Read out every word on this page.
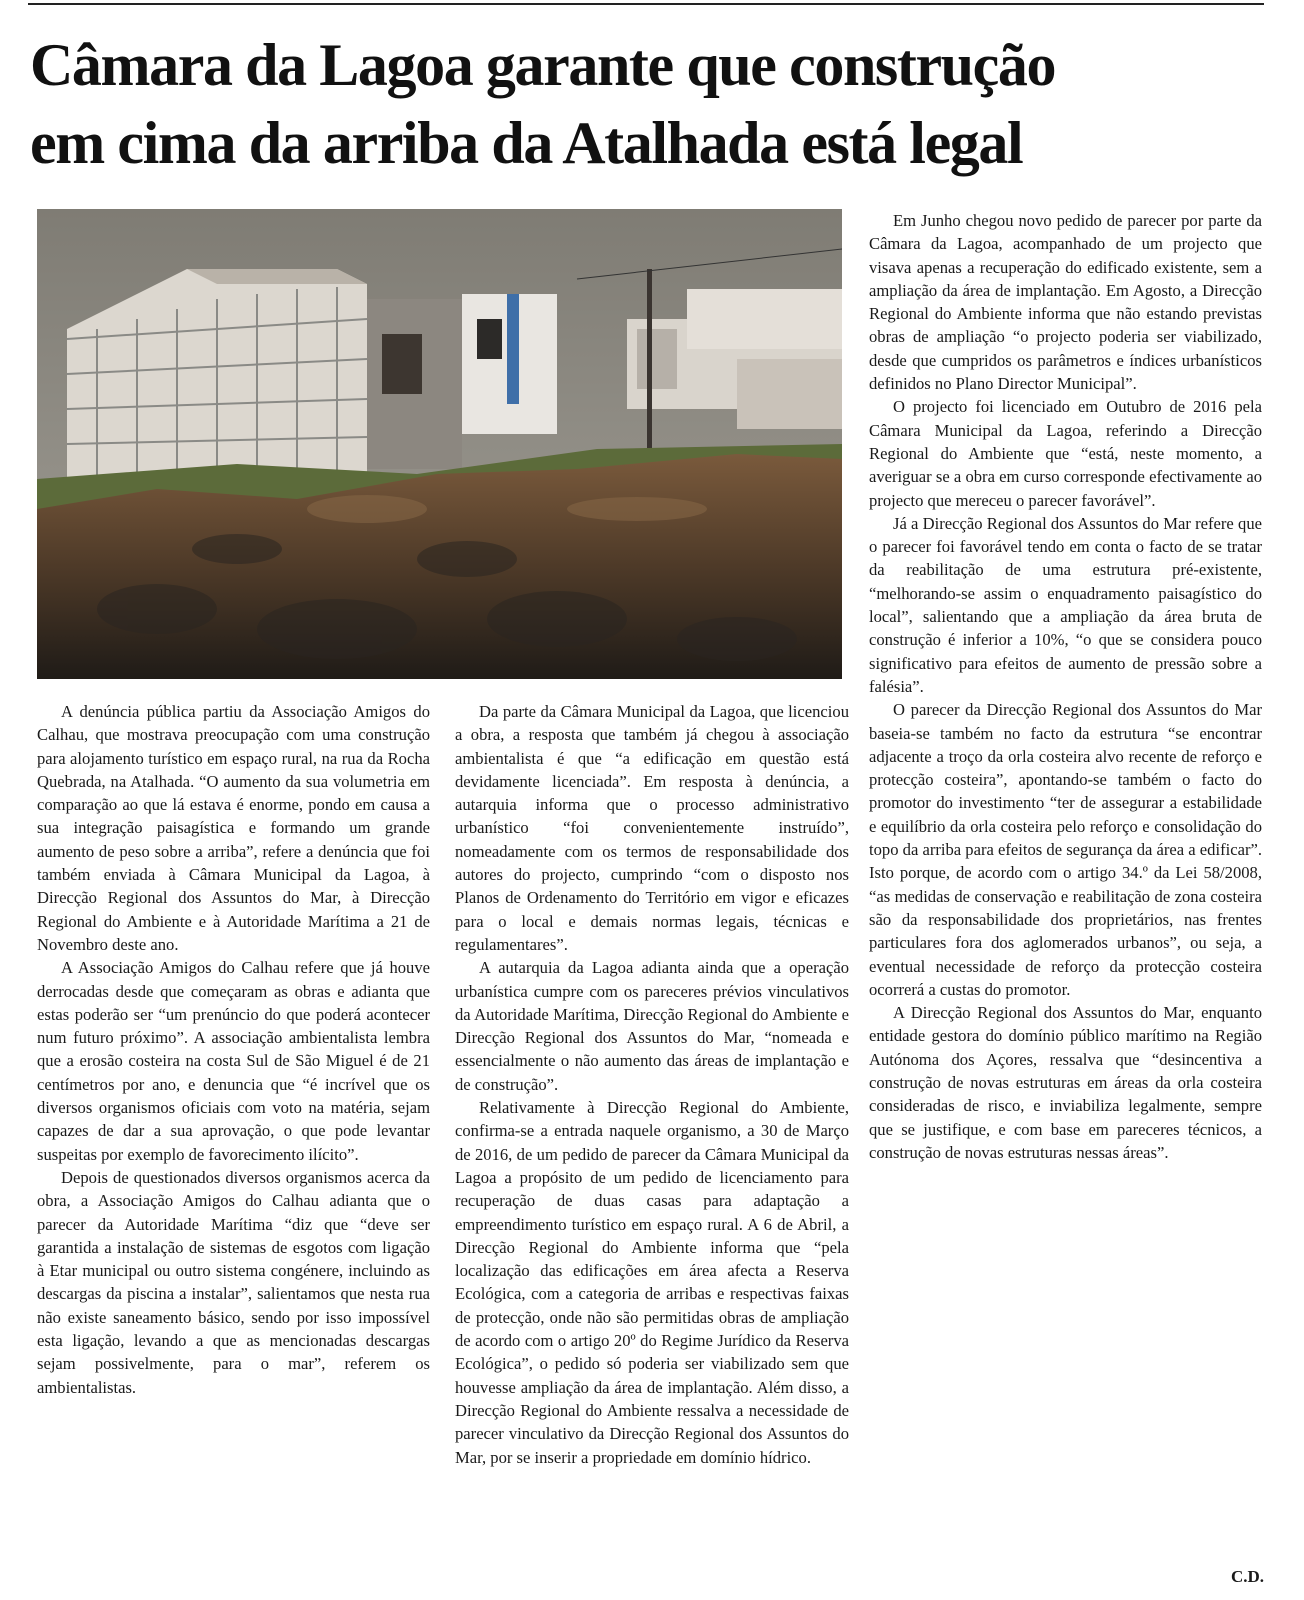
Câmara da Lagoa garante que construção
em cima da arriba da Atalhada está legal

A denúncia pública partiu da Associação Amigos do Calhau, que mostrava preocupação com uma construção para alojamento turístico em espaço rural, na rua da Rocha Quebrada, na Atalhada. “O aumento da sua volumetria em comparação ao que lá estava é enorme, pondo em causa a sua integração paisagística e formando um grande aumento de peso sobre a arriba”, refere a denúncia que foi também enviada à Câmara Municipal da Lagoa, à Direcção Regional dos Assuntos do Mar, à Direcção Regional do Ambiente e à Autoridade Marítima a 21 de Novembro deste ano.

A Associação Amigos do Calhau refere que já houve derrocadas desde que começaram as obras e adianta que estas poderão ser “um prenúncio do que poderá acontecer num futuro próximo”. A associação ambientalista lembra que a erosão costeira na costa Sul de São Miguel é de 21 centímetros por ano, e denuncia que “é incrível que os diversos organismos oficiais com voto na matéria, sejam capazes de dar a sua aprovação, o que pode levantar suspeitas por exemplo de favorecimento ilícito”.

Depois de questionados diversos organismos acerca da obra, a Associação Amigos do Calhau adianta que o parecer da Autoridade Marítima “diz que “deve ser garantida a instalação de sistemas de esgotos com ligação à Etar municipal ou outro sistema congénere, incluindo as descargas da piscina a instalar”, salientamos que nesta rua não existe saneamento básico, sendo por isso impossível esta ligação, levando a que as mencionadas descargas sejam possivelmente, para o mar”, referem os ambientalistas.

Da parte da Câmara Municipal da Lagoa, que licenciou a obra, a resposta que também já chegou à associação ambientalista é que “a edificação em questão está devidamente licenciada”. Em resposta à denúncia, a autarquia informa que o processo administrativo urbanístico “foi convenientemente instruído”, nomeadamente com os termos de responsabilidade dos autores do projecto, cumprindo “com o disposto nos Planos de Ordenamento do Território em vigor e eficazes para o local e demais normas legais, técnicas e regulamentares”.

A autarquia da Lagoa adianta ainda que a operação urbanística cumpre com os pareceres prévios vinculativos da Autoridade Marítima, Direcção Regional do Ambiente e Direcção Regional dos Assuntos do Mar, “nomeada e essencialmente o não aumento das áreas de implantação e de construção”.

Relativamente à Direcção Regional do Ambiente, confirma-se a entrada naquele organismo, a 30 de Março de 2016, de um pedido de parecer da Câmara Municipal da Lagoa a propósito de um pedido de licenciamento para recuperação de duas casas para adaptação a empreendimento turístico em espaço rural. A 6 de Abril, a Direcção Regional do Ambiente informa que “pela localização das edificações em área afecta a Reserva Ecológica, com a categoria de arribas e respectivas faixas de protecção, onde não são permitidas obras de ampliação de acordo com o artigo 20º do Regime Jurídico da Reserva Ecológica”, o pedido só poderia ser viabilizado sem que houvesse ampliação da área de implantação. Além disso, a Direcção Regional do Ambiente ressalva a necessidade de parecer vinculativo da Direcção Regional dos Assuntos do Mar, por se inserir a propriedade em domínio hídrico.

Em Junho chegou novo pedido de parecer por parte da Câmara da Lagoa, acompanhado de um projecto que visava apenas a recuperação do edificado existente, sem a ampliação da área de implantação. Em Agosto, a Direcção Regional do Ambiente informa que não estando previstas obras de ampliação “o projecto poderia ser viabilizado, desde que cumpridos os parâmetros e índices urbanísticos definidos no Plano Director Municipal”.

O projecto foi licenciado em Outubro de 2016 pela Câmara Municipal da Lagoa, referindo a Direcção Regional do Ambiente que “está, neste momento, a averiguar se a obra em curso corresponde efectivamente ao projecto que mereceu o parecer favorável”.

Já a Direcção Regional dos Assuntos do Mar refere que o parecer foi favorável tendo em conta o facto de se tratar da reabilitação de uma estrutura pré-existente, “melhorando-se assim o enquadramento paisagístico do local”, salientando que a ampliação da área bruta de construção é inferior a 10%, “o que se considera pouco significativo para efeitos de aumento de pressão sobre a falésia”.

O parecer da Direcção Regional dos Assuntos do Mar baseia-se também no facto da estrutura “se encontrar adjacente a troço da orla costeira alvo recente de reforço e protecção costeira”, apontando-se também o facto do promotor do investimento “ter de assegurar a estabilidade e equilíbrio da orla costeira pelo reforço e consolidação do topo da arriba para efeitos de segurança da área a edificar”. Isto porque, de acordo com o artigo 34.º da Lei 58/2008, “as medidas de conservação e reabilitação de zona costeira são da responsabilidade dos proprietários, nas frentes particulares fora dos aglomerados urbanos”, ou seja, a eventual necessidade de reforço da protecção costeira ocorrerá a custas do promotor.

A Direcção Regional dos Assuntos do Mar, enquanto entidade gestora do domínio público marítimo na Região Autónoma dos Açores, ressalva que “desincentiva a construção de novas estruturas em áreas da orla costeira consideradas de risco, e inviabiliza legalmente, sempre que se justifique, e com base em pareceres técnicos, a construção de novas estruturas nessas áreas”.

C.D.
